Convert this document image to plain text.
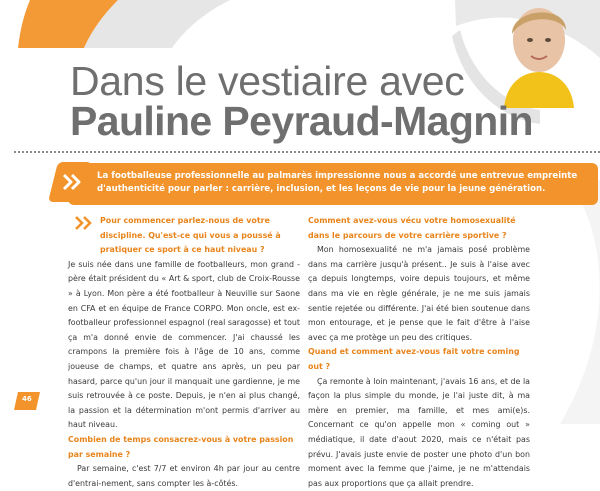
Dans le vestiaire avec
Pauline Peyraud-Magnin
La footballeuse professionnelle au palmarès impressionne nous a accordé une entrevue empreinte d'authenticité pour parler : carrière, inclusion, et les leçons de vie pour la jeune génération.

Pour commencer parlez-nous de votre discipline. Qu'est-ce qui vous a poussé à pratiquer ce sport à ce haut niveau ?

Je suis née dans une famille de footballeurs, mon grand -père était président du « Art & sport, club de Croix-Rousse » à Lyon. Mon père a été footballeur à Neuville sur Saone en CFA et en équipe de France CORPO. Mon oncle, est ex-footballeur professionnel espagnol (real saragosse) et tout ça m'a donné envie de commencer. J'ai chaussé les crampons la première fois à l'âge de 10 ans, comme joueuse de champs, et quatre ans après, un peu par hasard, parce qu'un jour il manquait une gardienne, je me suis retrouvée à ce poste. Depuis, je n'en ai plus changé, la passion et la détermination m'ont permis d'arriver au haut niveau.

Combien de temps consacrez-vous à votre passion par semaine ?

Par semaine, c'est 7/7 et environ 4h par jour au centre d'entrai-nement, sans compter les à-côtés.

Comment avez-vous vécu votre homosexualité dans le parcours de votre carrière sportive ?

Mon homosexualité ne m'a jamais posé problème dans ma carrière jusqu'à présent.. Je suis à l'aise avec ça depuis longtemps, voire depuis toujours, et même dans ma vie en règle générale, je ne me suis jamais sentie rejetée ou différente. J'ai été bien soutenue dans mon entourage, et je pense que le fait d'être à l'aise avec ça me protège un peu des critiques.

Quand et comment avez-vous fait votre coming out ?

Ça remonte à loin maintenant, j'avais 16 ans, et de la façon la plus simple du monde, je l'ai juste dit, à ma mère en premier, ma famille, et mes ami(e)s. Concernant ce qu'on appelle mon « coming out » médiatique, il date d'aout 2020, mais ce n'était pas prévu. J'avais juste envie de poster une photo d'un bon moment avec la femme que j'aime, je ne m'attendais pas aux proportions que ça allait prendre.

46
